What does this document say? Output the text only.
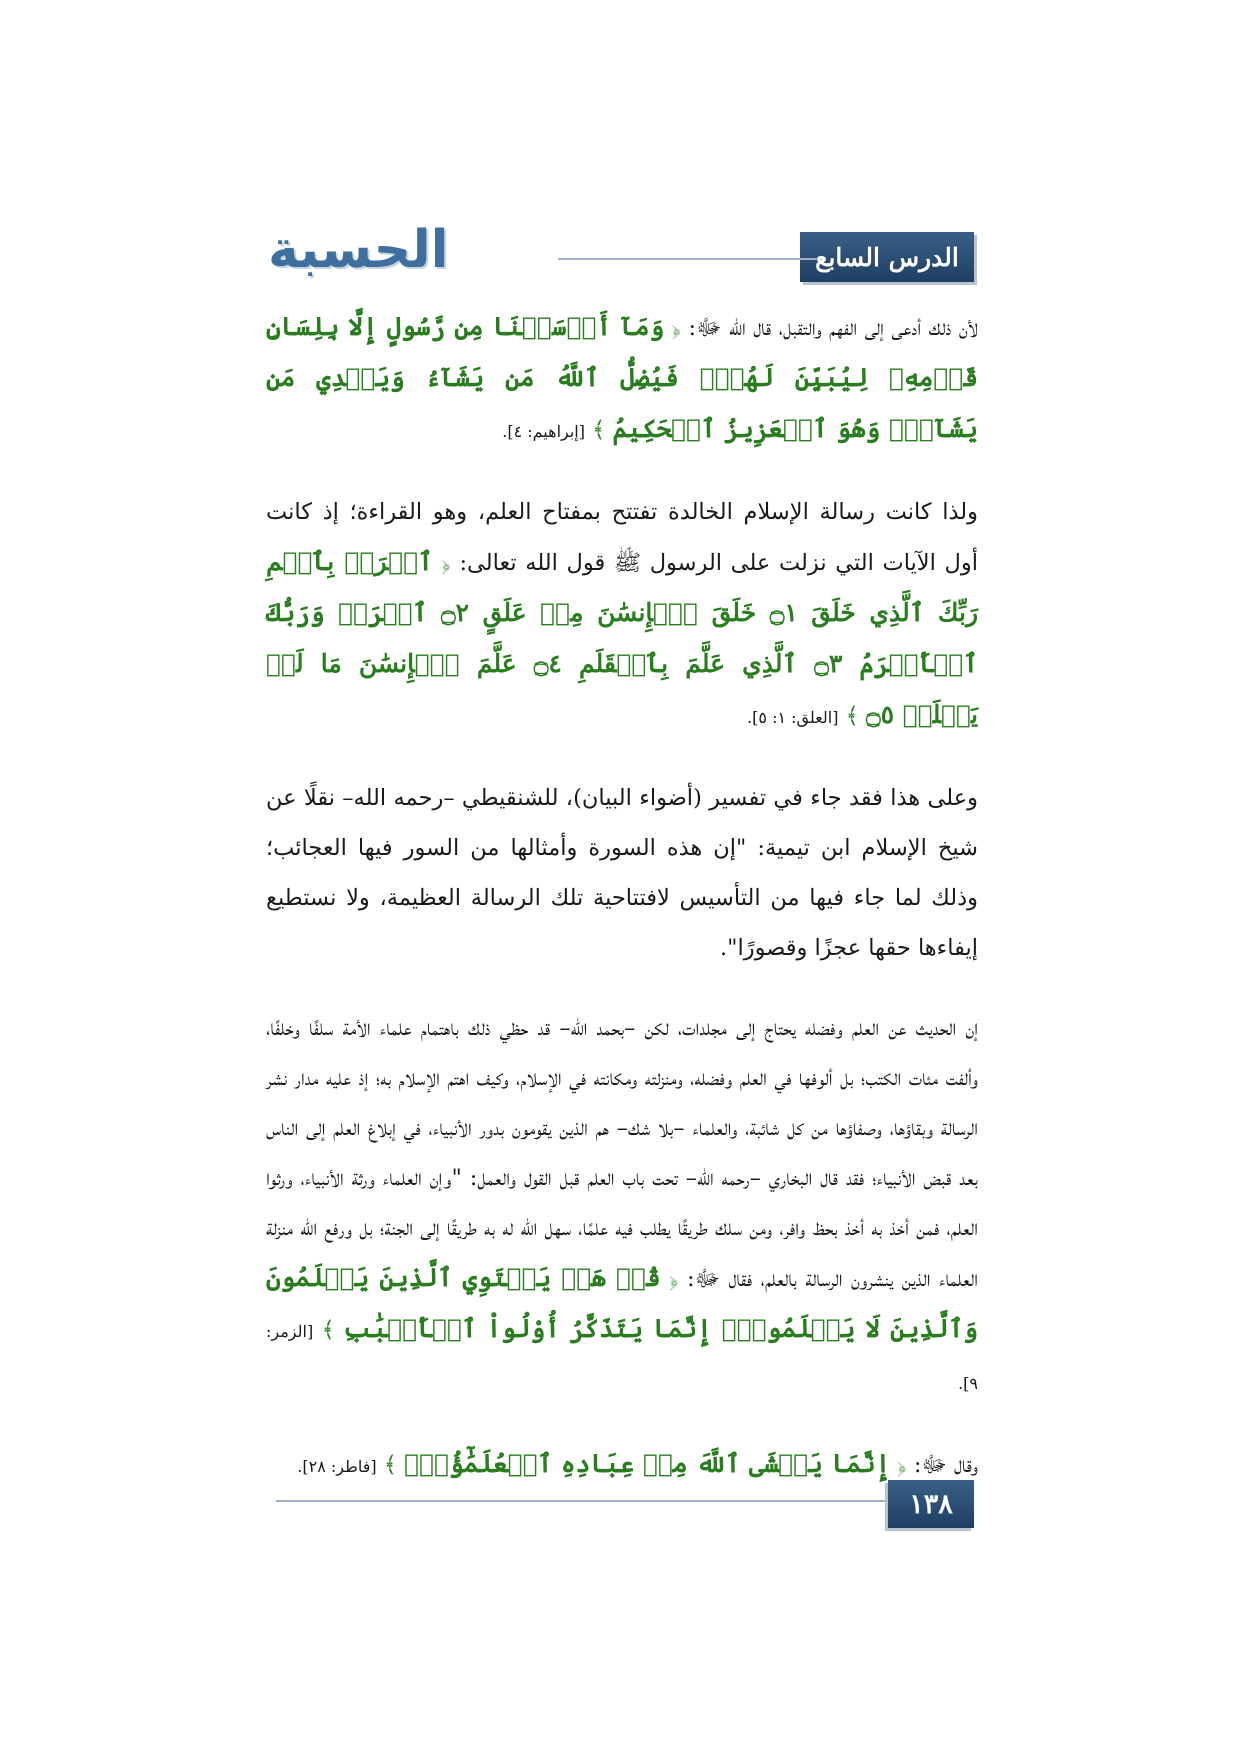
الدرس السابع
الحسبة

لأن ذلك أدعى إلى الفهم والتقبل، قال الله ﷻ: ﴿ وَمَآ أَرۡسَلۡنَا مِن رَّسُولٍ إِلَّا بِلِسَانِ قَوۡمِهِۦ لِيُبَيِّنَ لَهُمۡۖ فَيُضِلُّ ٱللَّهُ مَن يَشَآءُ وَيَهۡدِي مَن يَشَآءُۚ وَهُوَ ٱلۡعَزِيزُ ٱلۡحَكِيمُ ﴾ [إبراهيم: ٤].

ولذا كانت رسالة الإسلام الخالدة تفتتح بمفتاح العلم، وهو القراءة؛ إذ كانت أول الآيات التي نزلت على الرسول ﷺ قول الله تعالى: ﴿ ٱقۡرَأۡ بِٱسۡمِ رَبِّكَ ٱلَّذِي خَلَقَ ۝١ خَلَقَ ٱلۡإِنسَٰنَ مِنۡ عَلَقٍ ۝٢ ٱقۡرَأۡ وَرَبُّكَ ٱلۡأَكۡرَمُ ۝٣ ٱلَّذِي عَلَّمَ بِٱلۡقَلَمِ ۝٤ عَلَّمَ ٱلۡإِنسَٰنَ مَا لَمۡ يَعۡلَمۡ ۝٥ ﴾ [العلق: ١: ٥].

وعلى هذا فقد جاء في تفسير (أضواء البيان)، للشنقيطي –رحمه الله– نقلًا عن شيخ الإسلام ابن تيمية: "إن هذه السورة وأمثالها من السور فيها العجائب؛ وذلك لما جاء فيها من التأسيس لافتتاحية تلك الرسالة العظيمة، ولا نستطيع إيفاءها حقها عجزًا وقصورًا".

إن الحديث عن العلم وفضله يحتاج إلى مجلدات، لكن –بحمد الله– قد حظي ذلك باهتمام علماء الأمة سلفًا وخلفًا، وألفت مئات الكتب؛ بل ألوفها في العلم وفضله، ومنزلته ومكانته في الإسلام، وكيف اهتم الإسلام به؛ إذ عليه مدار نشر الرسالة وبقاؤها، وصفاؤها من كل شائبة، والعلماء –بلا شك– هم الذين يقومون بدور الأنبياء، في إبلاغ العلم إلى الناس بعد قبض الأنبياء؛ فقد قال البخاري –رحمه الله– تحت باب العلم قبل القول والعمل: "وإن العلماء ورثة الأنبياء، ورثوا العلم، فمن أخذ به أخذ بحظ وافر، ومن سلك طريقًا يطلب فيه علمًا، سهل الله له به طريقًا إلى الجنة؛ بل ورفع الله منزلة العلماء الذين ينشرون الرسالة بالعلم، فقال ﷻ: ﴿ قُلۡ هَلۡ يَسۡتَوِي ٱلَّذِينَ يَعۡلَمُونَ وَٱلَّذِينَ لَا يَعۡلَمُونَۗ إِنَّمَا يَتَذَكَّرُ أُوْلُواْ ٱلۡأَلۡبَٰبِ ﴾ [الزمر: ٩].

وقال ﷻ: ﴿ إِنَّمَا يَخۡشَى ٱللَّهَ مِنۡ عِبَادِهِ ٱلۡعُلَمَٰٓؤُاْۗ ﴾ [فاطر: ٢٨].

١٣٨
